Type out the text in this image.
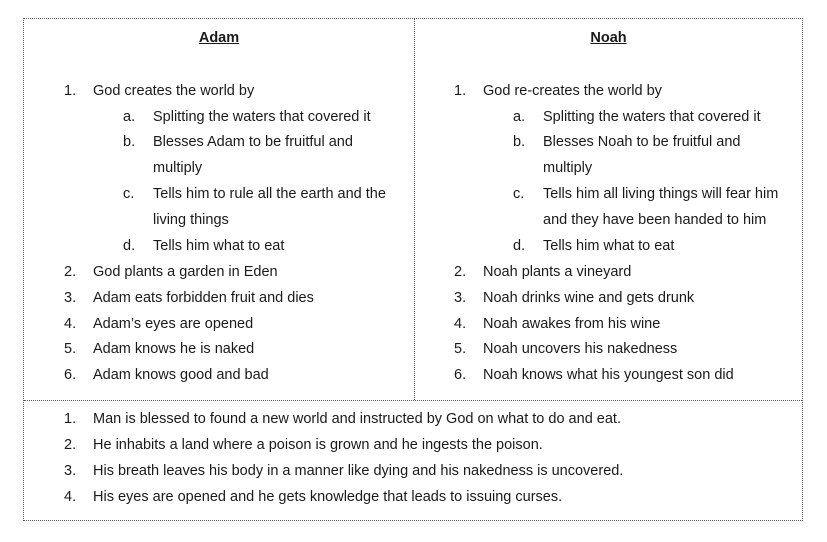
Adam
1. God creates the world by
a. Splitting the waters that covered it
b. Blesses Adam to be fruitful and
multiply
c. Tells him to rule all the earth and the
living things
d. Tells him what to eat
2. God plants a garden in Eden
3. Adam eats forbidden fruit and dies
4. Adam’s eyes are opened
5. Adam knows he is naked
6. Adam knows good and bad
Noah
1. God re-creates the world by
a. Splitting the waters that covered it
b. Blesses Noah to be fruitful and
multiply
c. Tells him all living things will fear him
and they have been handed to him
d. Tells him what to eat
2. Noah plants a vineyard
3. Noah drinks wine and gets drunk
4. Noah awakes from his wine
5. Noah uncovers his nakedness
6. Noah knows what his youngest son did
1. Man is blessed to found a new world and instructed by God on what to do and eat.
2. He inhabits a land where a poison is grown and he ingests the poison.
3. His breath leaves his body in a manner like dying and his nakedness is uncovered.
4. His eyes are opened and he gets knowledge that leads to issuing curses.
